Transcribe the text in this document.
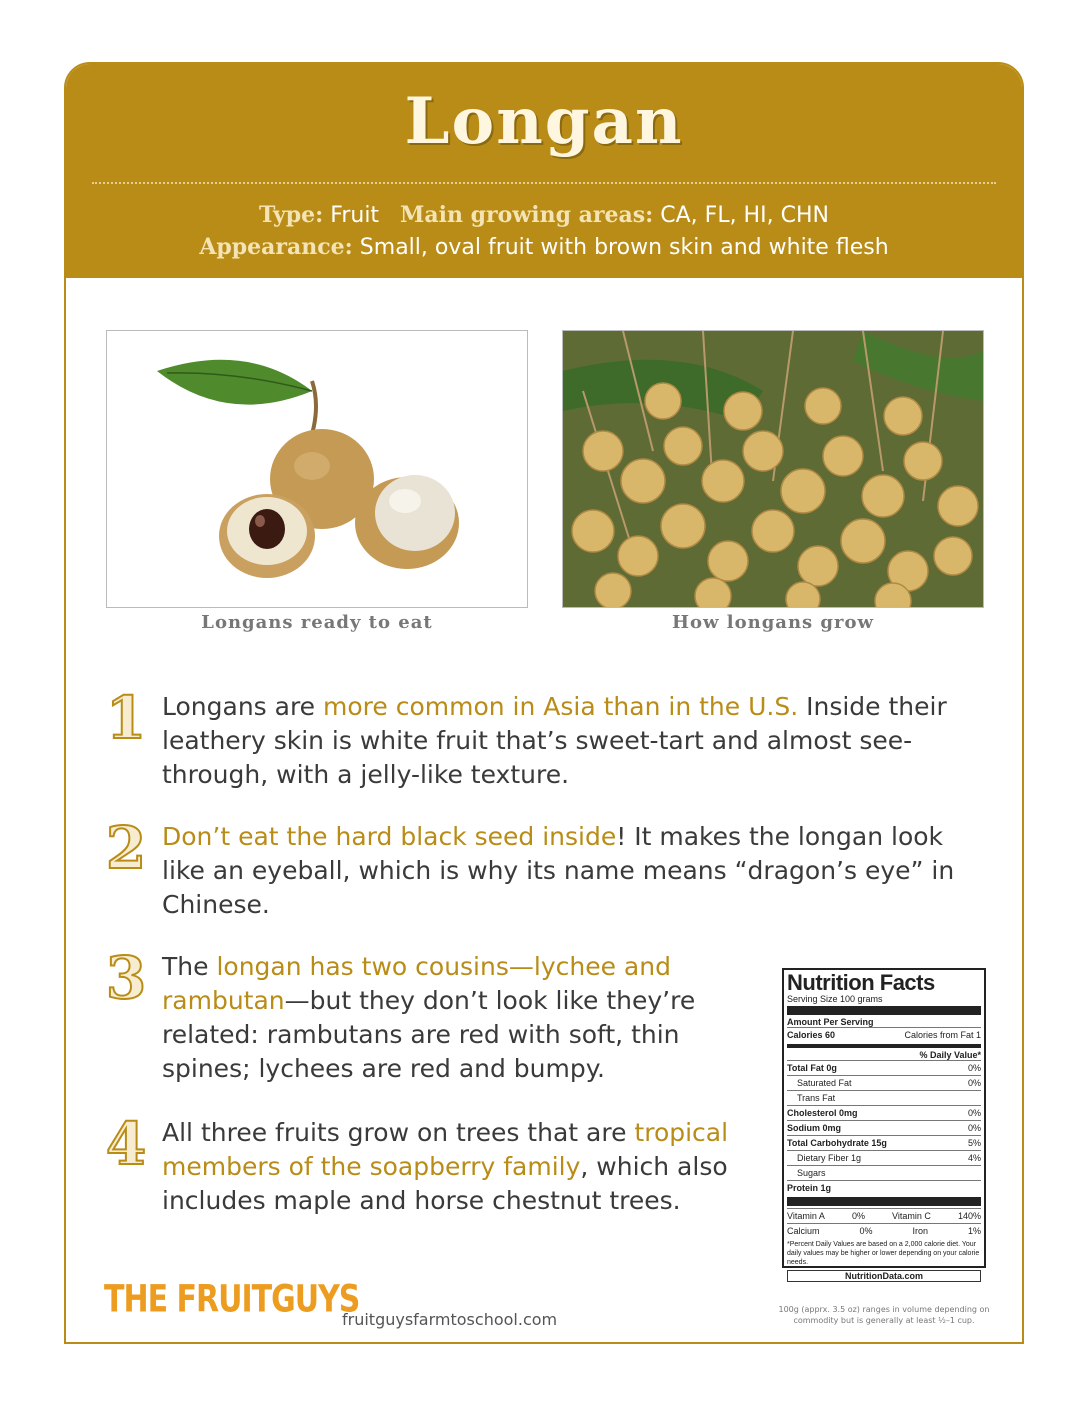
Longan
Type: Fruit Main growing areas: CA, FL, HI, CHN
Appearance: Small, oval fruit with brown skin and white flesh
Longans ready to eat	How longans grow
1 Longans are more common in Asia than in the U.S. Inside their leathery skin is white fruit that’s sweet-tart and almost see-through, with a jelly-like texture.
2 Don’t eat the hard black seed inside! It makes the longan look like an eyeball, which is why its name means “dragon’s eye” in Chinese.
3 The longan has two cousins—lychee and rambutan—but they don’t look like they’re related: rambutans are red with soft, thin spines; lychees are red and bumpy.
4 All three fruits grow on trees that are tropical members of the soapberry family, which also includes maple and horse chestnut trees.
Nutrition Facts
Serving Size 100 grams
Amount Per Serving
Calories 60	Calories from Fat 1
% Daily Value*
Total Fat 0g	0%
Saturated Fat	0%
Trans Fat
Cholesterol 0mg	0%
Sodium 0mg	0%
Total Carbohydrate 15g	5%
Dietary Fiber 1g	4%
Sugars
Protein 1g
Vitamin A	0%	Vitamin C	140%
Calcium	0%	Iron	1%
*Percent Daily Values are based on a 2,000 calorie diet. Your daily values may be higher or lower depending on your calorie needs.
NutritionData.com
100g (apprx. 3.5 oz) ranges in volume depending on commodity but is generally at least ½–1 cup.
THE FRUITGUYS
fruitguysfarmtoschool.com
